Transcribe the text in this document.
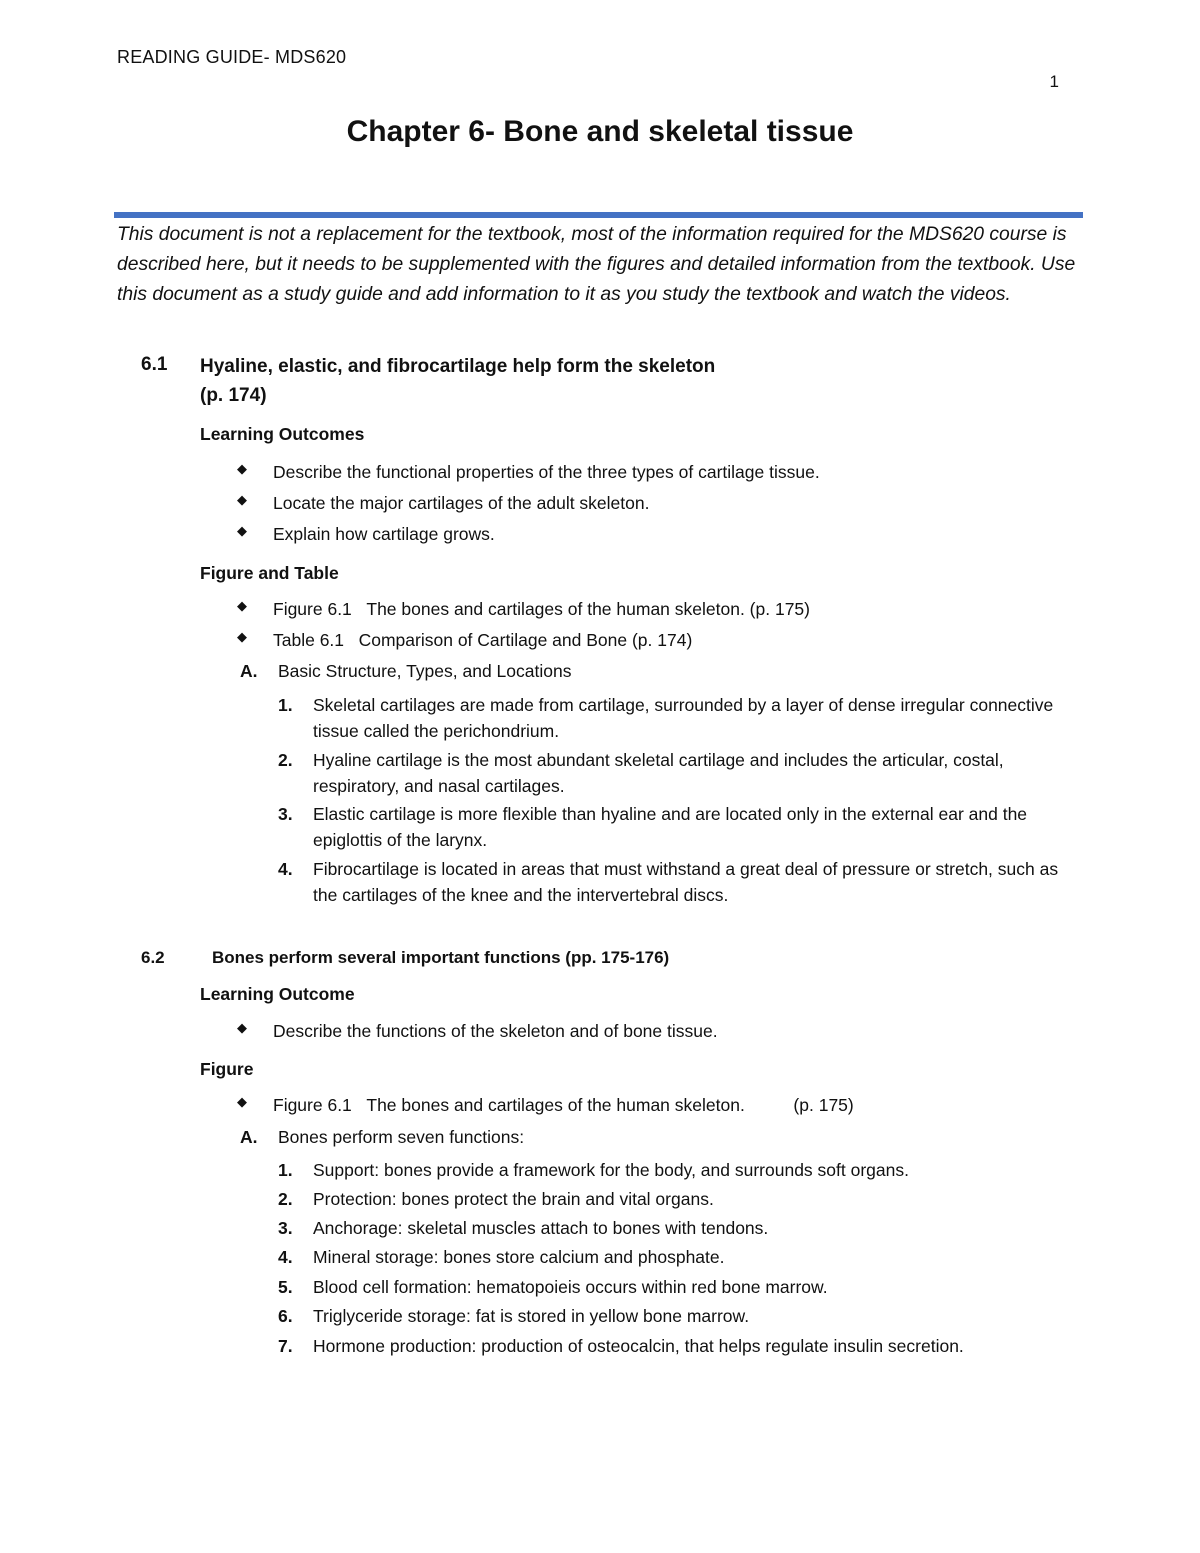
READING GUIDE- MDS620
1
Chapter 6- Bone and skeletal tissue
This document is not a replacement for the textbook, most of the information required for the MDS620 course is described here, but it needs to be supplemented with the figures and detailed information from the textbook. Use this document as a study guide and add information to it as you study the textbook and watch the videos.
6.1 Hyaline, elastic, and fibrocartilage help form the skeleton
(p. 174)
Learning Outcomes
◆ Describe the functional properties of the three types of cartilage tissue.
◆ Locate the major cartilages of the adult skeleton.
◆ Explain how cartilage grows.
Figure and Table
◆ Figure 6.1   The bones and cartilages of the human skeleton. (p. 175)
◆ Table 6.1   Comparison of Cartilage and Bone (p. 174)
A. Basic Structure, Types, and Locations
1. Skeletal cartilages are made from cartilage, surrounded by a layer of dense irregular connective tissue called the perichondrium.
2. Hyaline cartilage is the most abundant skeletal cartilage and includes the articular, costal, respiratory, and nasal cartilages.
3. Elastic cartilage is more flexible than hyaline and are located only in the external ear and the epiglottis of the larynx.
4. Fibrocartilage is located in areas that must withstand a great deal of pressure or stretch, such as the cartilages of the knee and the intervertebral discs.
6.2	Bones perform several important functions (pp. 175-176)
Learning Outcome
◆ Describe the functions of the skeleton and of bone tissue.
Figure
◆ Figure 6.1   The bones and cartilages of the human skeleton.          (p. 175)
A. Bones perform seven functions:
1. Support: bones provide a framework for the body, and surrounds soft organs.
2. Protection: bones protect the brain and vital organs.
3. Anchorage: skeletal muscles attach to bones with tendons.
4. Mineral storage: bones store calcium and phosphate.
5. Blood cell formation: hematopoieis occurs within red bone marrow.
6. Triglyceride storage: fat is stored in yellow bone marrow.
7. Hormone production: production of osteocalcin, that helps regulate insulin secretion.
